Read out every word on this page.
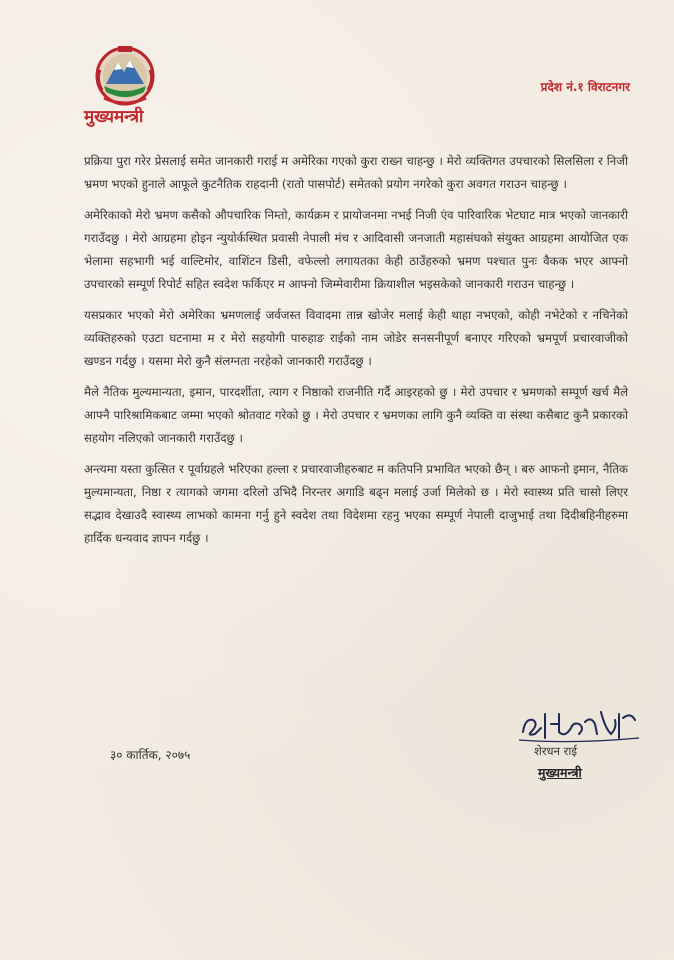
मुख्यमन्त्री
प्रदेश नं.१ विराटनगर

प्रक्रिया पुरा गरेर प्रेसलाई समेत जानकारी गराई म अमेरिका गएको कुरा राख्न चाहन्छु । मेरो व्यक्तिगत उपचारको सिलसिला र निजी भ्रमण भएको हुनाले आफूले कुटनैतिक राहदानी (रातो पासपोर्ट) समेतको प्रयोग नगरेको कुरा अवगत गराउन चाहन्छु ।

अमेरिकाको मेरो भ्रमण कसैको औपचारिक निम्तो, कार्यक्रम र प्रायोजनमा नभई निजी एंव पारिवारिक भेटघाट मात्र भएको जानकारी गराउँदछु । मेरो आग्रहमा होइन न्युयोर्कस्थित प्रवासी नेपाली मंच र आदिवासी जनजाती महासंघको संयुक्त आग्रहमा आयोजित एक भेलामा सहभागी भई वाल्टिमोर, वाशिंटन डिसी, वफेल्लो लगायतका केही ठाउँहरुको भ्रमण पश्चात पुनः वैकक भएर आफ्नो उपचारको सम्पूर्ण रिपोर्ट सहित स्वदेश फर्किएर म आफ्नो जिम्मेवारीमा क्रियाशील भइसकेको जानकारी गराउन चाहन्छु ।

यसप्रकार भएको मेरो अमेरिका भ्रमणलाई जर्वजस्त विवादमा तान्न खोजेर मलाई केही थाहा नभएको, कोही नभेटेको र नचिनेको व्यक्तिहरुको एउटा घटनामा म र मेरो सहयोगी पारुहाङ राईको नाम जोडेर सनसनीपूर्ण बनाएर गरिएको भ्रमपूर्ण प्रचारवाजीको खण्डन गर्दछु । यसमा मेरो कुनै संलग्नता नरहेको जानकारी गराउँदछु ।

मैले नैतिक मुल्यमान्यता, इमान, पारदर्शीता, त्याग र निष्ठाको राजनीति गर्दै आइरहको छु । मेरो उपचार र भ्रमणको सम्पूर्ण खर्च मैले आफ्नै पारिश्रामिकबाट जम्मा भएको श्रोतवाट गरेको छु । मेरो उपचार र भ्रमणका लागि कुनै व्यक्ति वा संस्था कसैबाट कुनै प्रकारको सहयोग नलिएको जानकारी गराउँदछु ।

अन्त्यमा यस्ता कुत्सित र पूर्वाग्रहले भरिएका हल्ला र प्रचारवाजीहरुबाट म कतिपनि प्रभावित भएको छैन् । बरु आफनो इमान, नैतिक मुल्यमान्यता, निष्ठा र त्यागको जगमा दरिलो उभिदै निरन्तर अगाडि बढ्न मलाई उर्जा मिलेको छ । मेरो स्वास्थ्य प्रति चासो लिएर सद्भाव देखाउदै स्वास्थ्य लाभको कामना गर्नु हुने स्वदेश तथा विदेशमा रहनु भएका सम्पूर्ण नेपाली दाजुभाई तथा दिदीबहिनीहरुमा हार्दिक धन्यवाद ज्ञापन गर्दछु ।

३० कार्तिक, २०७५	शेरधन राई
मुख्यमन्त्री
